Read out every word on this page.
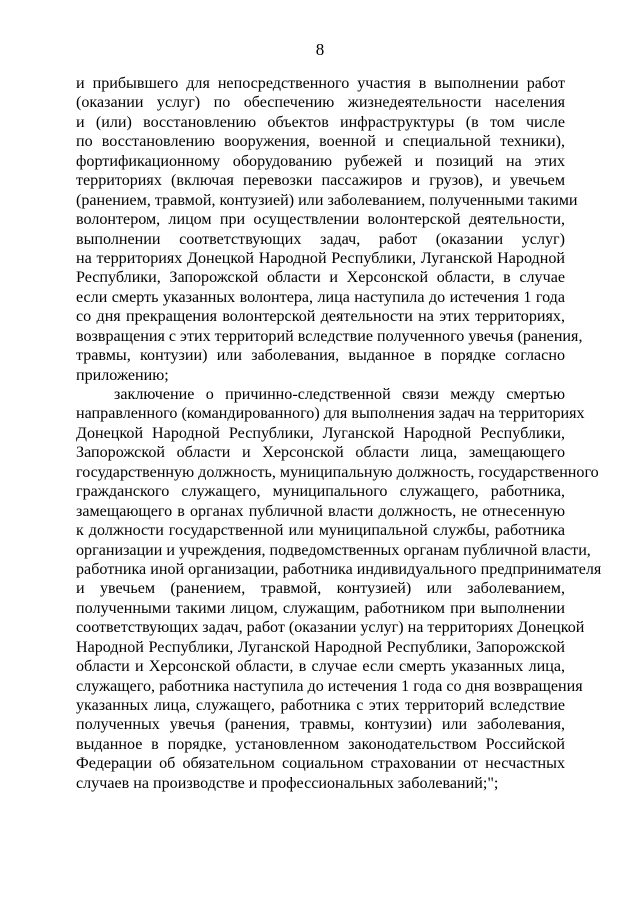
8
и прибывшего для непосредственного участия в выполнении работ
(оказании услуг) по обеспечению жизнедеятельности населения
и (или) восстановлению объектов инфраструктуры (в том числе
по восстановлению вооружения, военной и специальной техники),
фортификационному оборудованию рубежей и позиций на этих
территориях (включая перевозки пассажиров и грузов), и увечьем
(ранением, травмой, контузией) или заболеванием, полученными такими
волонтером, лицом при осуществлении волонтерской деятельности,
выполнении соответствующих задач, работ (оказании услуг)
на территориях Донецкой Народной Республики, Луганской Народной
Республики, Запорожской области и Херсонской области, в случае
если смерть указанных волонтера, лица наступила до истечения 1 года
со дня прекращения волонтерской деятельности на этих территориях,
возвращения с этих территорий вследствие полученного увечья (ранения,
травмы, контузии) или заболевания, выданное в порядке согласно
приложению;
заключение о причинно-следственной связи между смертью
направленного (командированного) для выполнения задач на территориях
Донецкой Народной Республики, Луганской Народной Республики,
Запорожской области и Херсонской области лица, замещающего
государственную должность, муниципальную должность, государственного
гражданского служащего, муниципального служащего, работника,
замещающего в органах публичной власти должность, не отнесенную
к должности государственной или муниципальной службы, работника
организации и учреждения, подведомственных органам публичной власти,
работника иной организации, работника индивидуального предпринимателя
и увечьем (ранением, травмой, контузией) или заболеванием,
полученными такими лицом, служащим, работником при выполнении
соответствующих задач, работ (оказании услуг) на территориях Донецкой
Народной Республики, Луганской Народной Республики, Запорожской
области и Херсонской области, в случае если смерть указанных лица,
служащего, работника наступила до истечения 1 года со дня возвращения
указанных лица, служащего, работника с этих территорий вследствие
полученных увечья (ранения, травмы, контузии) или заболевания,
выданное в порядке, установленном законодательством Российской
Федерации об обязательном социальном страховании от несчастных
случаев на производстве и профессиональных заболеваний;";
